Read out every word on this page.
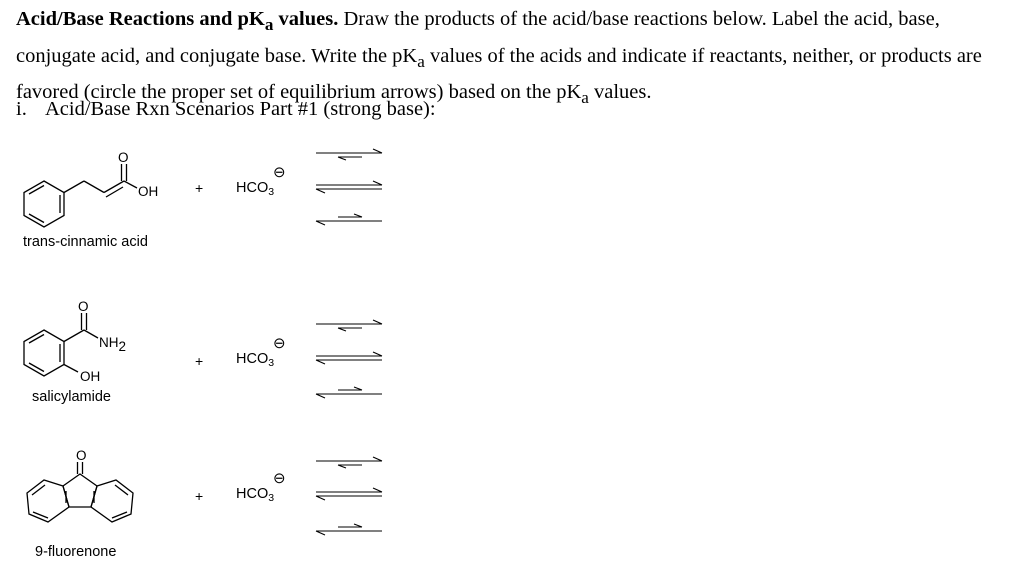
Acid/Base Reactions and $pK_a$ values. Draw the products of the acid/base reactions below. Label the acid, base, conjugate acid, and conjugate base. Write the $pK_a$ values of the acids and indicate if reactants, neither, or products are favored (circle the proper set of equilibrium arrows) based on the $pK_a$ values.
i. Acid/Base Rxn Scenarios Part #1 (strong base):
O
OH
trans-cinnamic acid
+ $HCO_3$
⊖
O
NH2
OH
salicylamide
+ $HCO_3$
⊖
O
9-fluorenone
+ $HCO_3$
⊖
